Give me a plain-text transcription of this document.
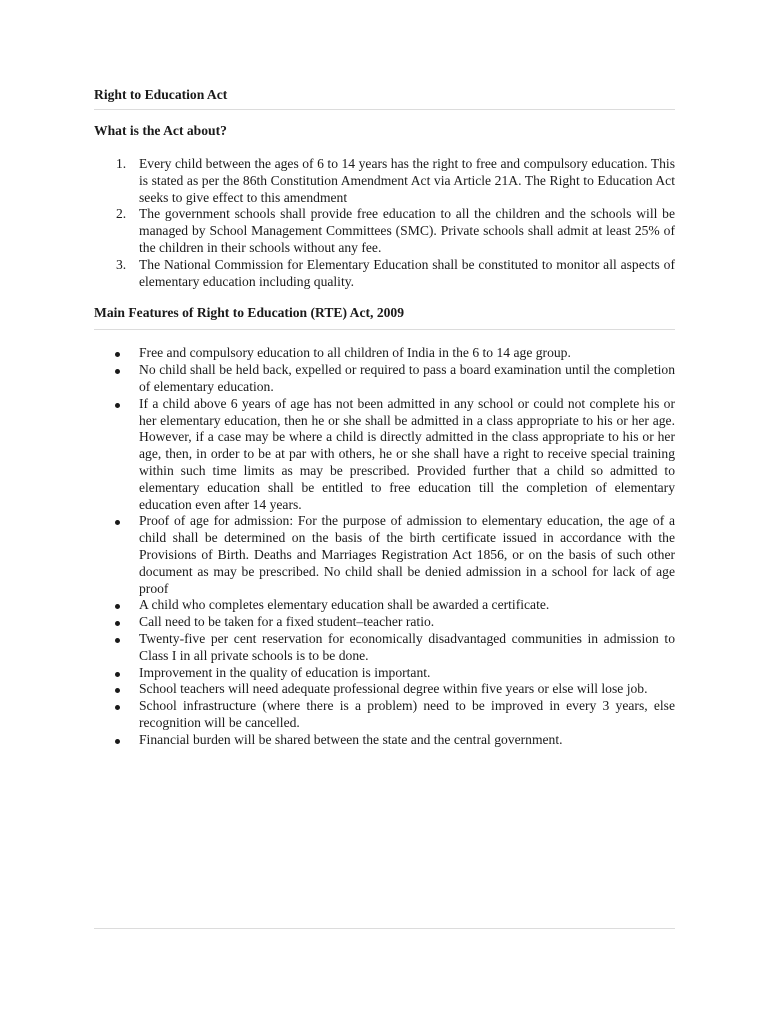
Right to Education Act
What is the Act about?
1. Every child between the ages of 6 to 14 years has the right to free and compulsory education. This is stated as per the 86th Constitution Amendment Act via Article 21A. The Right to Education Act seeks to give effect to this amendment
2. The government schools shall provide free education to all the children and the schools will be managed by School Management Committees (SMC). Private schools shall admit at least 25% of the children in their schools without any fee.
3. The National Commission for Elementary Education shall be constituted to monitor all aspects of elementary education including quality.
Main Features of Right to Education (RTE) Act, 2009
Free and compulsory education to all children of India in the 6 to 14 age group.
No child shall be held back, expelled or required to pass a board examination until the completion of elementary education.
If a child above 6 years of age has not been admitted in any school or could not complete his or her elementary education, then he or she shall be admitted in a class appropriate to his or her age. However, if a case may be where a child is directly admitted in the class appropriate to his or her age, then, in order to be at par with others, he or she shall have a right to receive special training within such time limits as may be prescribed. Provided further that a child so admitted to elementary education shall be entitled to free education till the completion of elementary education even after 14 years.
Proof of age for admission: For the purpose of admission to elementary education, the age of a child shall be determined on the basis of the birth certificate issued in accordance with the Provisions of Birth. Deaths and Marriages Registration Act 1856, or on the basis of such other document as may be prescribed. No child shall be denied admission in a school for lack of age proof
A child who completes elementary education shall be awarded a certificate.
Call need to be taken for a fixed student–teacher ratio.
Twenty-five per cent reservation for economically disadvantaged communities in admission to Class I in all private schools is to be done.
Improvement in the quality of education is important.
School teachers will need adequate professional degree within five years or else will lose job.
School infrastructure (where there is a problem) need to be improved in every 3 years, else recognition will be cancelled.
Financial burden will be shared between the state and the central government.
